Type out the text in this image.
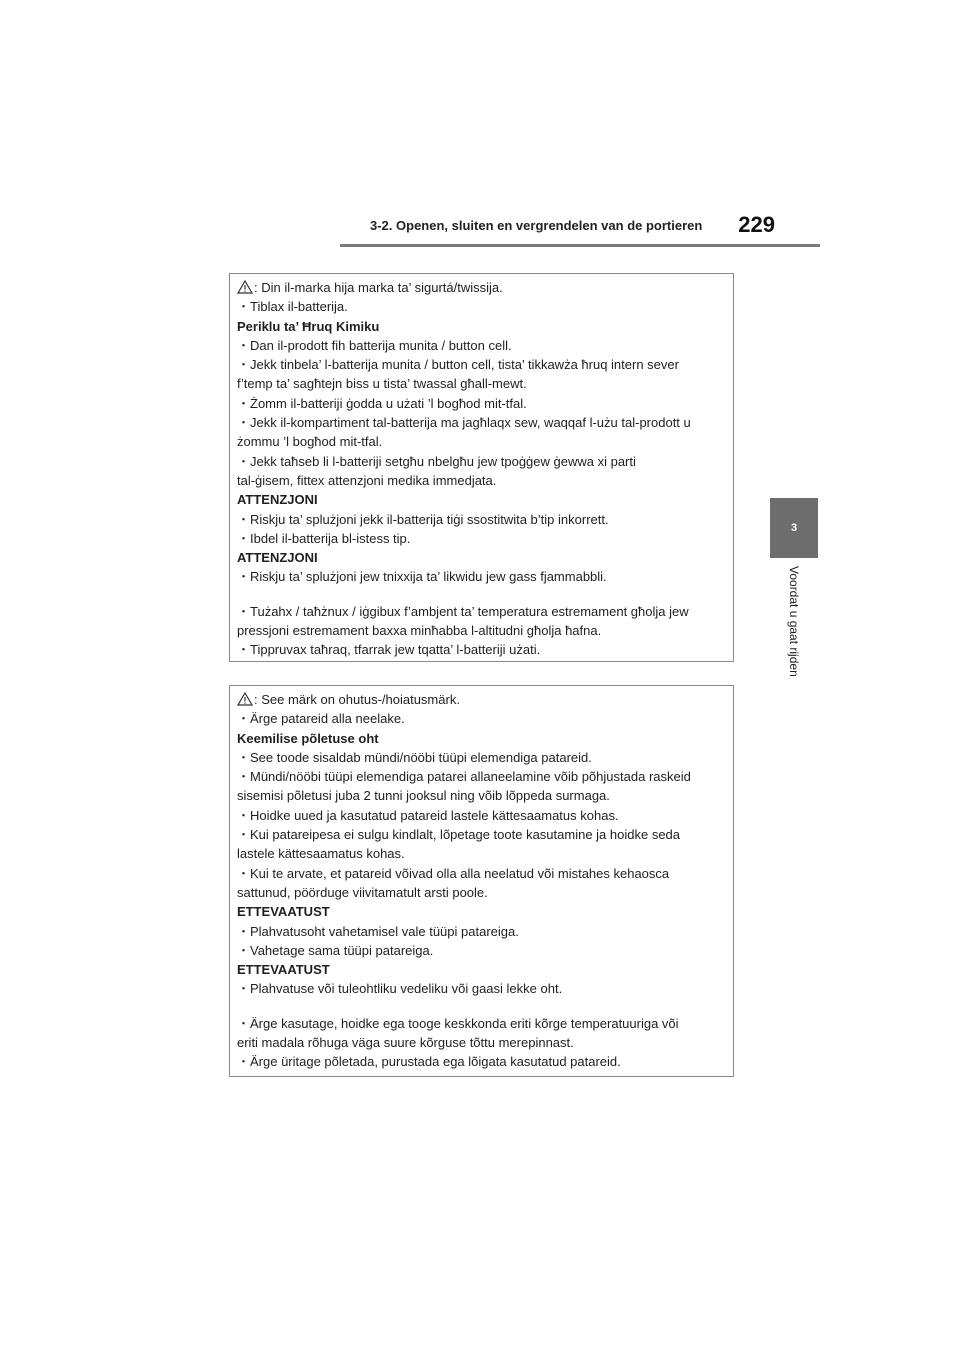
3-2. Openen, sluiten en vergrendelen van de portieren 229
3
Voordat u gaat rijden
: Din il-marka hija marka ta’ sigurtá/twissija.
・Tiblax il-batterija.
Periklu ta’ Ħruq Kimiku
・Dan il-prodott fih batterija munita / button cell.
・Jekk tinbela’ l-batterija munita / button cell, tista’ tikkawża ħruq intern sever
f’temp ta’ sagħtejn biss u tista’ twassal għall-mewt.
・Żomm il-batteriji ġodda u użati ’l bogħod mit-tfal.
・Jekk il-kompartiment tal-batterija ma jagħlaqx sew, waqqaf l-użu tal-prodott u
żommu ’l bogħod mit-tfal.
・Jekk taħseb li l-batteriji setgħu nbelgħu jew tpoġġew ġewwa xi parti
tal-ġisem, fittex attenzjoni medika immedjata.
ATTENZJONI
・Riskju ta’ splużjoni jekk il-batterija tiġi ssostitwita b’tip inkorrett.
・Ibdel il-batterija bl-istess tip.
ATTENZJONI
・Riskju ta’ splużjoni jew tnixxija ta’ likwidu jew gass fjammabbli.
・Tużahx / taħżnux / iġgibux f’ambjent ta’ temperatura estremament għolja jew
pressjoni estremament baxxa minħabba l-altitudni għolja ħafna.
・Tippruvax taħraq, tfarrak jew tqatta’ l-batteriji użati.
: See märk on ohutus-/hoiatusmärk.
・Ärge patareid alla neelake.
Keemilise põletuse oht
・See toode sisaldab mündi/nööbi tüüpi elemendiga patareid.
・Mündi/nööbi tüüpi elemendiga patarei allaneelamine võib põhjustada raskeid
sisemisi põletusi juba 2 tunni jooksul ning võib lõppeda surmaga.
・Hoidke uued ja kasutatud patareid lastele kättesaamatus kohas.
・Kui patareipesa ei sulgu kindlalt, lõpetage toote kasutamine ja hoidke seda
lastele kättesaamatus kohas.
・Kui te arvate, et patareid võivad olla alla neelatud või mistahes kehaosса
sattunud, pöörduge viivitamatult arsti poole.
ETTEVAATUST
・Plahvatusoht vahetamisel vale tüüpi patareiga.
・Vahetage sama tüüpi patareiga.
ETTEVAATUST
・Plahvatuse või tuleohtliku vedeliku või gaasi lekke oht.
・Ärge kasutage, hoidke ega tooge keskkonda eriti kõrge temperatuuriga või
eriti madala rõhuga väga suure kõrguse tõttu merepinnast.
・Ärge üritage põletada, purustada ega lõigata kasutatud patareid.
